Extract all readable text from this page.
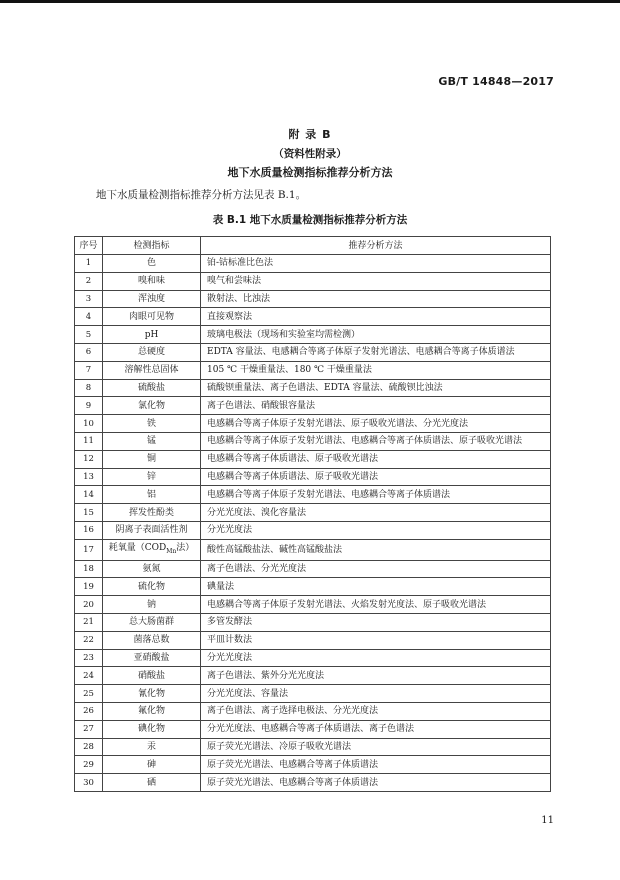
GB/T 14848—2017
附 录 B
（资料性附录）
地下水质量检测指标推荐分析方法
地下水质量检测指标推荐分析方法见表 B.1。
表 B.1 地下水质量检测指标推荐分析方法
序号	检测指标	推荐分析方法
1	色	铂-钴标准比色法
2	嗅和味	嗅气和尝味法
3	浑浊度	散射法、比浊法
4	肉眼可见物	直接观察法
5	pH	玻璃电极法（现场和实验室均需检测）
6	总硬度	EDTA 容量法、电感耦合等离子体原子发射光谱法、电感耦合等离子体质谱法
7	溶解性总固体	105 ℃ 干燥重量法、180 ℃ 干燥重量法
8	硫酸盐	硫酸钡重量法、离子色谱法、EDTA 容量法、硫酸钡比浊法
9	氯化物	离子色谱法、硝酸银容量法
10	铁	电感耦合等离子体原子发射光谱法、原子吸收光谱法、分光光度法
11	锰	电感耦合等离子体原子发射光谱法、电感耦合等离子体质谱法、原子吸收光谱法
12	铜	电感耦合等离子体质谱法、原子吸收光谱法
13	锌	电感耦合等离子体质谱法、原子吸收光谱法
14	铝	电感耦合等离子体原子发射光谱法、电感耦合等离子体质谱法
15	挥发性酚类	分光光度法、溴化容量法
16	阴离子表面活性剂	分光光度法
17	耗氧量（$COD_{Mn}$法）	酸性高锰酸盐法、碱性高锰酸盐法
18	氨氮	离子色谱法、分光光度法
19	硫化物	碘量法
20	钠	电感耦合等离子体原子发射光谱法、火焰发射光度法、原子吸收光谱法
21	总大肠菌群	多管发酵法
22	菌落总数	平皿计数法
23	亚硝酸盐	分光光度法
24	硝酸盐	离子色谱法、紫外分光光度法
25	氰化物	分光光度法、容量法
26	氟化物	离子色谱法、离子选择电极法、分光光度法
27	碘化物	分光光度法、电感耦合等离子体质谱法、离子色谱法
28	汞	原子荧光光谱法、冷原子吸收光谱法
29	砷	原子荧光光谱法、电感耦合等离子体质谱法
30	硒	原子荧光光谱法、电感耦合等离子体质谱法
11
